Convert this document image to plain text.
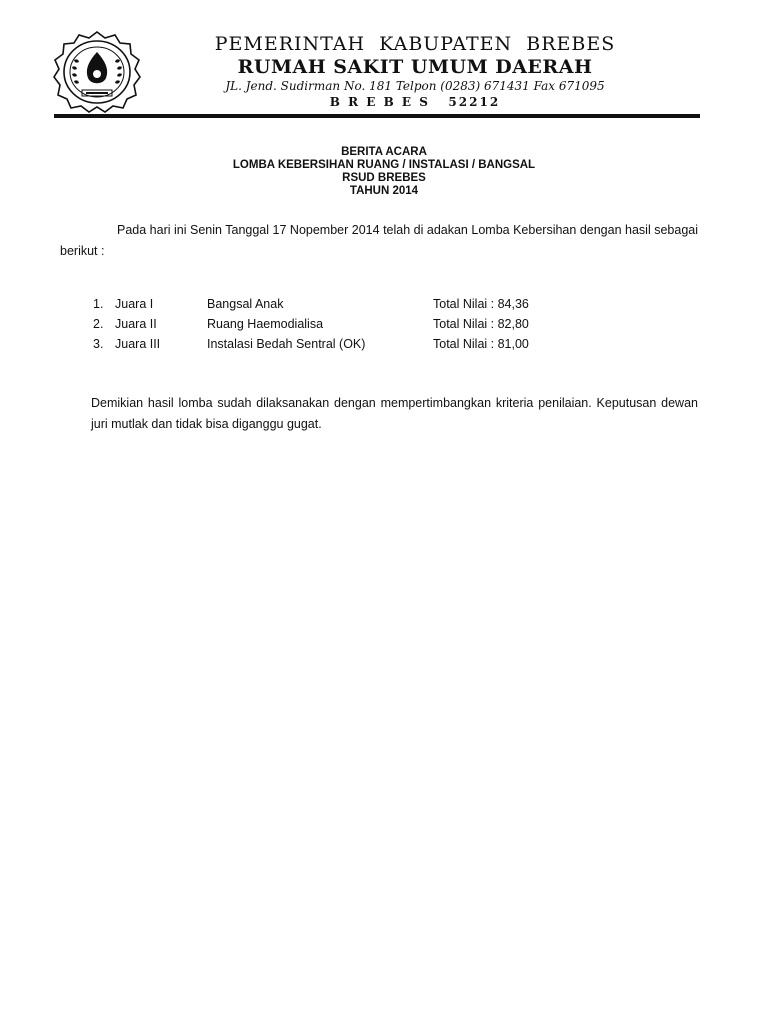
PEMERINTAH  KABUPATEN  BREBES
RUMAH SAKIT UMUM DAERAH
JL. Jend. Sudirman No. 181 Telpon (0283) 671431 Fax 671095
B R E B E S   52212
BERITA ACARA
LOMBA KEBERSIHAN RUANG / INSTALASI / BANGSAL
RSUD BREBES
TAHUN 2014
Pada hari ini Senin Tanggal 17 Nopember 2014 telah di adakan Lomba Kebersihan dengan hasil sebagai berikut :
1. Juara I	Bangsal Anak	Total Nilai : 84,36
2. Juara II	Ruang Haemodialisa	Total Nilai : 82,80
3. Juara III	Instalasi Bedah Sentral (OK)	Total Nilai : 81,00
Demikian hasil lomba sudah dilaksanakan dengan mempertimbangkan kriteria penilaian. Keputusan dewan juri mutlak dan tidak bisa diganggu gugat.
